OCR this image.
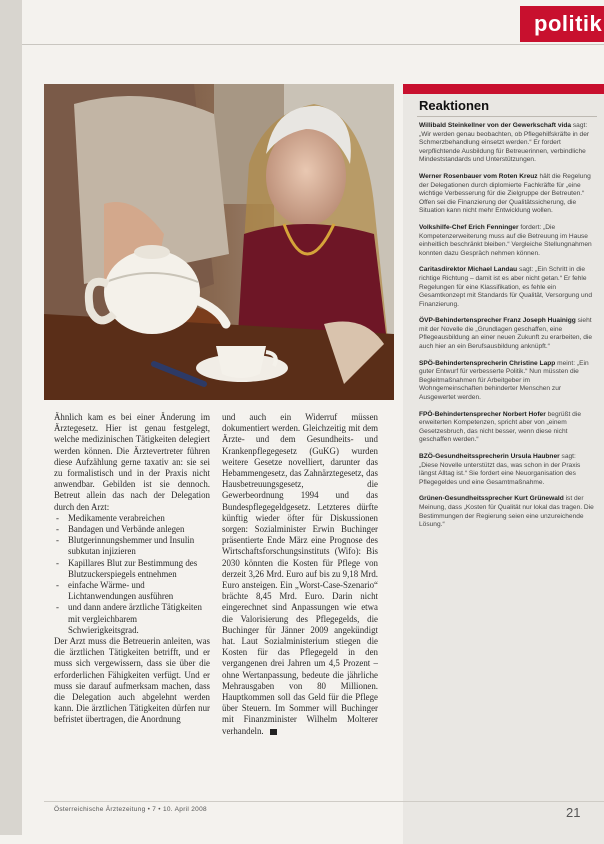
politik

Ähnlich kam es bei einer Änderung im Ärztegesetz. Hier ist genau festgelegt, welche medizinischen Tätigkeiten delegiert werden können. Die Ärztevertreter führen diese Aufzählung gerne taxativ an: sie sei zu formalistisch und in der Praxis nicht anwendbar. Gebilden ist sie dennoch. Betreut allein das nach der Delegation durch den Arzt:

- Medikamente verabreichen
- Bandagen und Verbände anlegen
- Blutgerinnungshemmer und Insulin subkutan injizieren
- Kapillares Blut zur Bestimmung des Blutzuckerspiegels entnehmen
- einfache Wärme- und Lichtanwendungen ausführen
- und dann andere ärztliche Tätigkeiten mit vergleichbarem Schwierigkeitsgrad.

Der Arzt muss die Betreuerin anleiten, was die ärztlichen Tätigkeiten betrifft, und er muss sich vergewissern, dass sie über die erforderlichen Fähigkeiten verfügt. Und er muss sie darauf aufmerksam machen, dass die Delegation auch abgelehnt werden kann. Die ärztlichen Tätigkeiten dürfen nur befristet übertragen, die Anordnung

und auch ein Widerruf müssen dokumentiert werden. Gleichzeitig mit dem Ärzte- und dem Gesundheits- und Krankenpflegegesetz (GuKG) wurden weitere Gesetze novelliert, darunter das Hebammengesetz, das Zahnärztegesetz, das Hausbetreuungsgesetz, die Gewerbeordnung 1994 und das Bundespflegegeldgesetz. Letzteres dürfte künftig wieder öfter für Diskussionen sorgen: Sozialminister Erwin Buchinger präsentierte Ende März eine Prognose des Wirtschaftsforschungsinstituts (Wifo): Bis 2030 könnten die Kosten für Pflege von derzeit 3,26 Mrd. Euro auf bis zu 9,18 Mrd. Euro ansteigen. Ein „Worst-Case-Szenario“ brächte 8,45 Mrd. Euro. Darin nicht eingerechnet sind Anpassungen wie etwa die Valorisierung des Pflegegelds, die Buchinger für Jänner 2009 angekündigt hat. Laut Sozialministerium stiegen die Kosten für das Pflegegeld in den vergangenen drei Jahren um 4,5 Prozent – ohne Wertanpassung, bedeute die jährliche Mehrausgaben von 80 Millionen. Hauptkommen soll das Geld für die Pflege über Steuern. Im Sommer will Buchinger mit Finanzminister Wilhelm Molterer verhandeln.

Reaktionen

Willibald Steinkellner von der Gewerkschaft vida sagt: „Wir werden genau beobachten, ob Pflegehilfskräfte in der Schmerzbehandlung einsetzt werden.“ Er fordert verpflichtende Ausbildung für Betreuerinnen, verbindliche Mindeststandards und Unterstützungen.

Werner Rosenbauer vom Roten Kreuz hält die Regelung der Delegationen durch diplomierte Fachkräfte für „eine wichtige Verbesserung für die Zielgruppe der Betreuten.“ Offen sei die Finanzierung der Qualitätssicherung, die Situation kann nicht mehr Entwicklung wollen.

Volkshilfe-Chef Erich Fenninger fordert: „Die Kompetenzerweiterung muss auf die Betreuung im Hause einheitlich beschränkt bleiben.“ Vergleiche Stellungnahmen konnten dazu Gespräch nehmen können.

Caritasdirektor Michael Landau sagt: „Ein Schritt in die richtige Richtung – damit ist es aber nicht getan.“ Er fehle Regelungen für eine Klassifikation, es fehle ein Gesamtkonzept mit Standards für Qualität, Versorgung und Finanzierung.

ÖVP-Behindertensprecher Franz Joseph Huainigg sieht mit der Novelle die „Grundlagen geschaffen, eine Pflegeausbildung an einer neuen Zukunft zu erarbeiten, die auch hier an ein Berufsausbildung anknüpft.“

SPÖ-Behindertensprecherin Christine Lapp meint: „Ein guter Entwurf für verbesserte Politik.“ Nun müssten die Begleitmaßnahmen für Arbeitgeber im Wohngemeinschaften behinderter Menschen zur Ausgewertet werden.

FPÖ-Behindertensprecher Norbert Hofer begrüßt die erweiterten Kompetenzen, spricht aber von „einem Gesetzesbruch, das nicht besser, wenn diese nicht geschaffen werden.“

BZÖ-Gesundheitssprecherin Ursula Haubner sagt: „Diese Novelle unterstützt das, was schon in der Praxis längst Alltag ist.“ Sie fordert eine Neuorganisation des Pflegegeldes und eine Gesamtmaßnahme.

Grünen-Gesundheitssprecher Kurt Grünewald ist der Meinung, dass „Kosten für Qualität nur lokal das tragen. Die Bestimmungen der Regierung seien eine unzureichende Lösung.“

Österreichische Ärztezeitung • 7 • 10. April 2008	21
